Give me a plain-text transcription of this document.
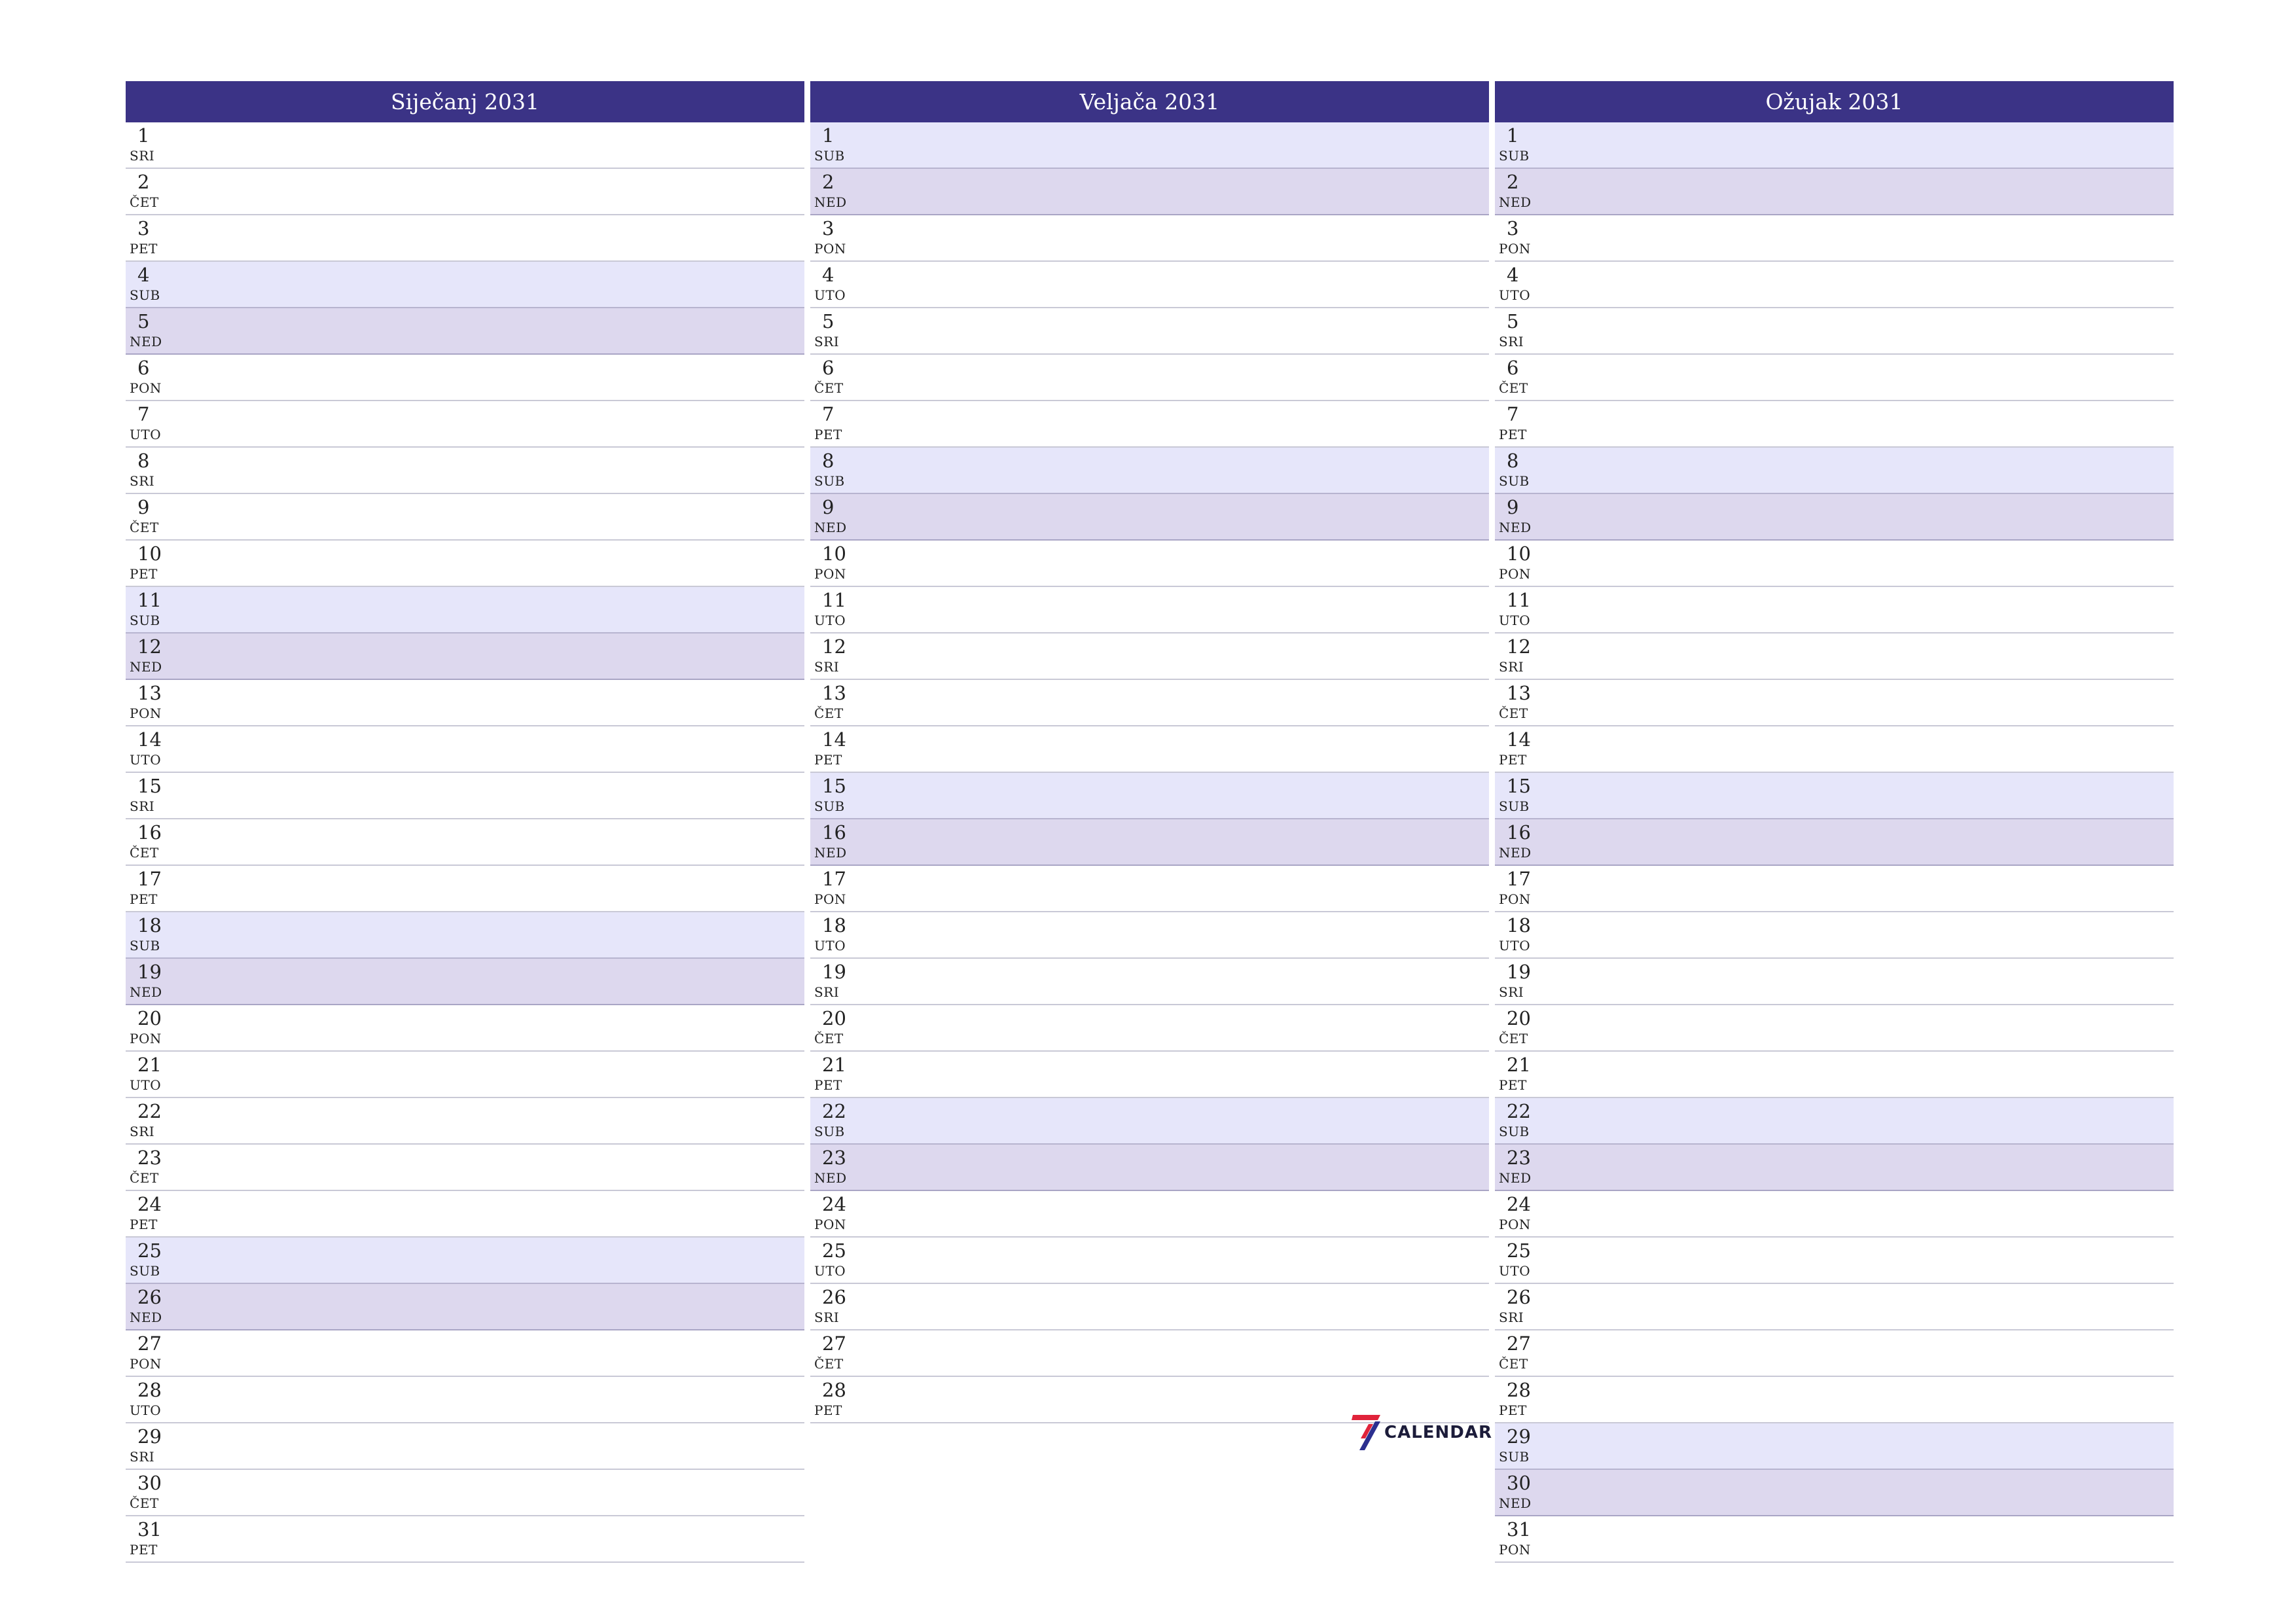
Siječanj 2031
1
SRI
2
ČET
3
PET
4
SUB
5
NED
6
PON
7
UTO
8
SRI
9
ČET
10
PET
11
SUB
12
NED
13
PON
14
UTO
15
SRI
16
ČET
17
PET
18
SUB
19
NED
20
PON
21
UTO
22
SRI
23
ČET
24
PET
25
SUB
26
NED
27
PON
28
UTO
29
SRI
30
ČET
31
PET
Veljača 2031
1
SUB
2
NED
3
PON
4
UTO
5
SRI
6
ČET
7
PET
8
SUB
9
NED
10
PON
11
UTO
12
SRI
13
ČET
14
PET
15
SUB
16
NED
17
PON
18
UTO
19
SRI
20
ČET
21
PET
22
SUB
23
NED
24
PON
25
UTO
26
SRI
27
ČET
28
PET
Ožujak 2031
1
SUB
2
NED
3
PON
4
UTO
5
SRI
6
ČET
7
PET
8
SUB
9
NED
10
PON
11
UTO
12
SRI
13
ČET
14
PET
15
SUB
16
NED
17
PON
18
UTO
19
SRI
20
ČET
21
PET
22
SUB
23
NED
24
PON
25
UTO
26
SRI
27
ČET
28
PET
29
SUB
30
NED
31
PON
CALENDAR
